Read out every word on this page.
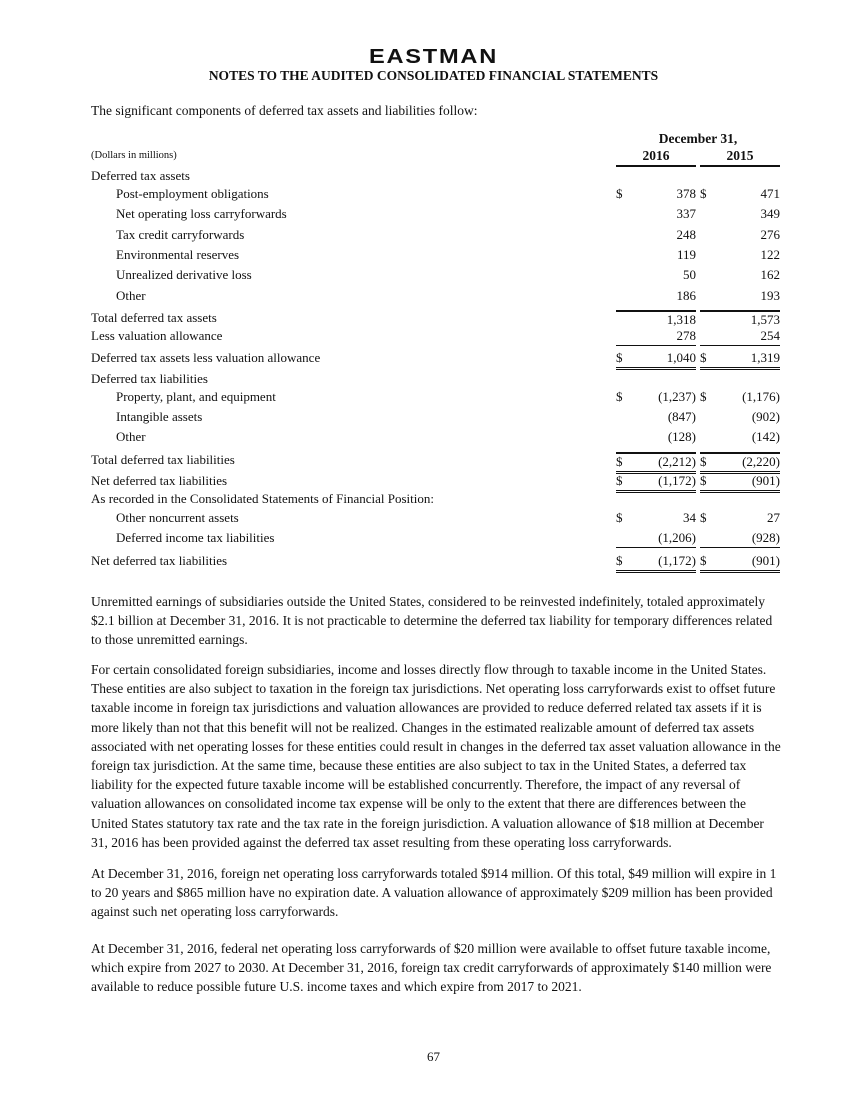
EASTMAN
NOTES TO THE AUDITED CONSOLIDATED FINANCIAL STATEMENTS
The significant components of deferred tax assets and liabilities follow:
December 31,
(Dollars in millions)	2016	2015
Deferred tax assets
Post-employment obligations	$	378 $	471
Net operating loss carryforwards	337	349
Tax credit carryforwards	248	276
Environmental reserves	119	122
Unrealized derivative loss	50	162
Other	186	193
Total deferred tax assets	1,318	1,573
Less valuation allowance	278	254
Deferred tax assets less valuation allowance	$	1,040 $	1,319
Deferred tax liabilities
Property, plant, and equipment	$	(1,237) $	(1,176)
Intangible assets	(847)	(902)
Other	(128)	(142)
Total deferred tax liabilities	$	(2,212) $	(2,220)
Net deferred tax liabilities	$	(1,172) $	(901)
As recorded in the Consolidated Statements of Financial Position:
Other noncurrent assets	$	34 $	27
Deferred income tax liabilities	(1,206)	(928)
Net deferred tax liabilities	$	(1,172) $	(901)

Unremitted earnings of subsidiaries outside the United States, considered to be reinvested indefinitely, totaled approximately $2.1 billion at December 31, 2016. It is not practicable to determine the deferred tax liability for temporary differences related to those unremitted earnings.

For certain consolidated foreign subsidiaries, income and losses directly flow through to taxable income in the United States. These entities are also subject to taxation in the foreign tax jurisdictions. Net operating loss carryforwards exist to offset future taxable income in foreign tax jurisdictions and valuation allowances are provided to reduce deferred related tax assets if it is more likely than not that this benefit will not be realized. Changes in the estimated realizable amount of deferred tax assets associated with net operating losses for these entities could result in changes in the deferred tax asset valuation allowance in the foreign tax jurisdiction. At the same time, because these entities are also subject to tax in the United States, a deferred tax liability for the expected future taxable income will be established concurrently. Therefore, the impact of any reversal of valuation allowances on consolidated income tax expense will be only to the extent that there are differences between the United States statutory tax rate and the tax rate in the foreign jurisdiction. A valuation allowance of $18 million at December 31, 2016 has been provided against the deferred tax asset resulting from these operating loss carryforwards.

At December 31, 2016, foreign net operating loss carryforwards totaled $914 million. Of this total, $49 million will expire in 1 to 20 years and $865 million have no expiration date. A valuation allowance of approximately $209 million has been provided against such net operating loss carryforwards.

At December 31, 2016, federal net operating loss carryforwards of $20 million were available to offset future taxable income, which expire from 2027 to 2030. At December 31, 2016, foreign tax credit carryforwards of approximately $140 million were available to reduce possible future U.S. income taxes and which expire from 2017 to 2021.

67
